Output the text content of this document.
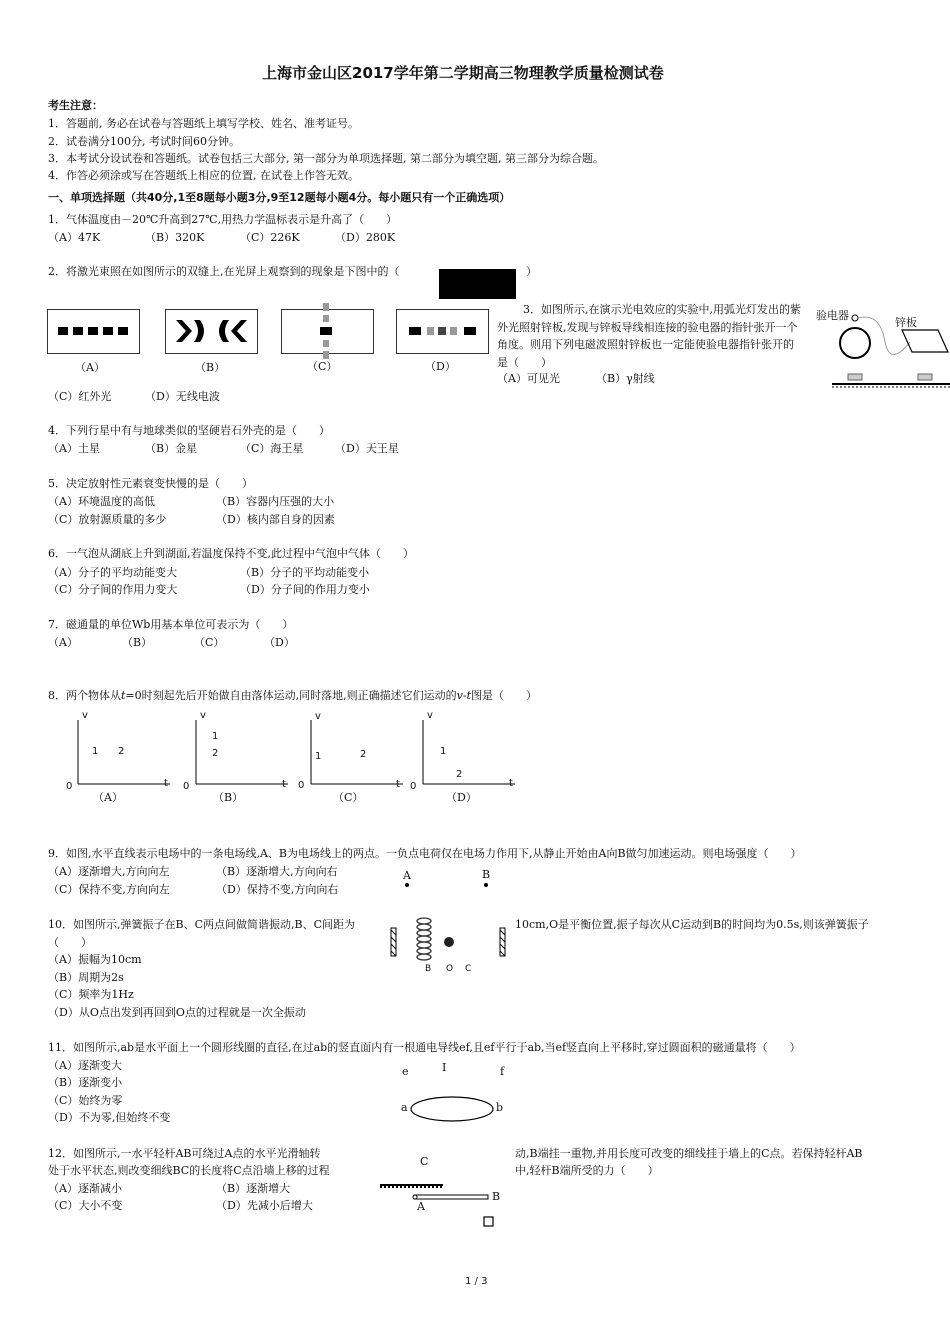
上海市金山区2017学年第二学期高三物理教学质量检测试卷
考生注意：
1．答题前, 务必在试卷与答题纸上填写学校、姓名、准考证号。
2．试卷满分100分, 考试时间60分钟。
3．本考试分设试卷和答题纸。试卷包括三大部分, 第一部分为单项选择题, 第二部分为填空题, 第三部分为综合题。
4．作答必须涂或写在答题纸上相应的位置, 在试卷上作答无效。
一、单项选择题（共40分,1至8题每小题3分,9至12题每小题4分。每小题只有一个正确选项）
1．气体温度由－20℃升高到27℃,用热力学温标表示是升高了（　　）
（A）47K	（B）320K	（C）226K	（D）280K
2．将激光束照在如图所示的双缝上,在光屏上观察到的现象是下图中的（	）
（A）	（B）	（C）	（D）
3．如图所示,在演示光电效应的实验中,用弧光灯发出的紫外光照射锌板,发现与锌板导线相连接的验电器的指针张开一个角度。则用下列电磁波照射锌板也一定能使验电器指针张开的是（　　）
（A）可见光	（B）γ射线
（C）红外光	（D）无线电波
验电器
锌板
4．下列行星中有与地球类似的坚硬岩石外壳的是（　　）
（A）土星	（B）金星	（C）海王星	（D）天王星
5．决定放射性元素衰变快慢的是（　　）
（A）环境温度的高低	（B）容器内压强的大小
（C）放射源质量的多少	（D）核内部自身的因素
6．一气泡从湖底上升到湖面,若温度保持不变,此过程中气泡中气体（　　）
（A）分子的平均动能变大	（B）分子的平均动能变小
（C）分子间的作用力变大	（D）分子间的作用力变小
7．磁通量的单位Wb用基本单位可表示为（　　）
（A）	（B）	（C）	（D）
8．两个物体从t=0时刻起先后开始做自由落体运动,同时落地,则正确描述它们运动的v-t图是（　　）
v
1 2
0	t
（A）
v
1
2
0	t
（B）
v
1	2
0	t
（C）
v
1
2
0	t
（D）
9．如图,水平直线表示电场中的一条电场线,A、B为电场线上的两点。一负点电荷仅在电场力作用下,从静止开始由A向B做匀加速运动。则电场强度（　　）
（A）逐渐增大,方向向左	（B）逐渐增大,方向向右
（C）保持不变,方向向左	（D）保持不变,方向向右
A	B
10．如图所示,弹簧振子在B、C两点间做简谐振动,B、C间距为	10cm,O是平衡位置,振子每次从C运动到B的时间均为0.5s,则该弹簧振子
（　　）
（A）振幅为10cm
（B）周期为2s
（C）频率为1Hz
（D）从O点出发到再回到O点的过程就是一次全振动
B O C
11．如图所示,ab是水平面上一个圆形线圈的直径,在过ab的竖直面内有一根通电导线ef,且ef平行于ab,当ef竖直向上平移时,穿过圆面积的磁通量将（　　）
（A）逐渐变大
（B）逐渐变小
（C）始终为零
（D）不为零,但始终不变
e	I	f
a	b
12．如图所示,一水平轻杆AB可绕过A点的水平光滑轴转
处于水平状态,则改变细线BC的长度将C点沿墙上移的过程
动,B端挂一重物,并用长度可改变的细线挂于墙上的C点。若保持轻杆AB
中,轻杆B端所受的力（　　）
（A）逐渐减小	（B）逐渐增大
（C）大小不变	（D）先减小后增大
C
B
A
1 / 3
